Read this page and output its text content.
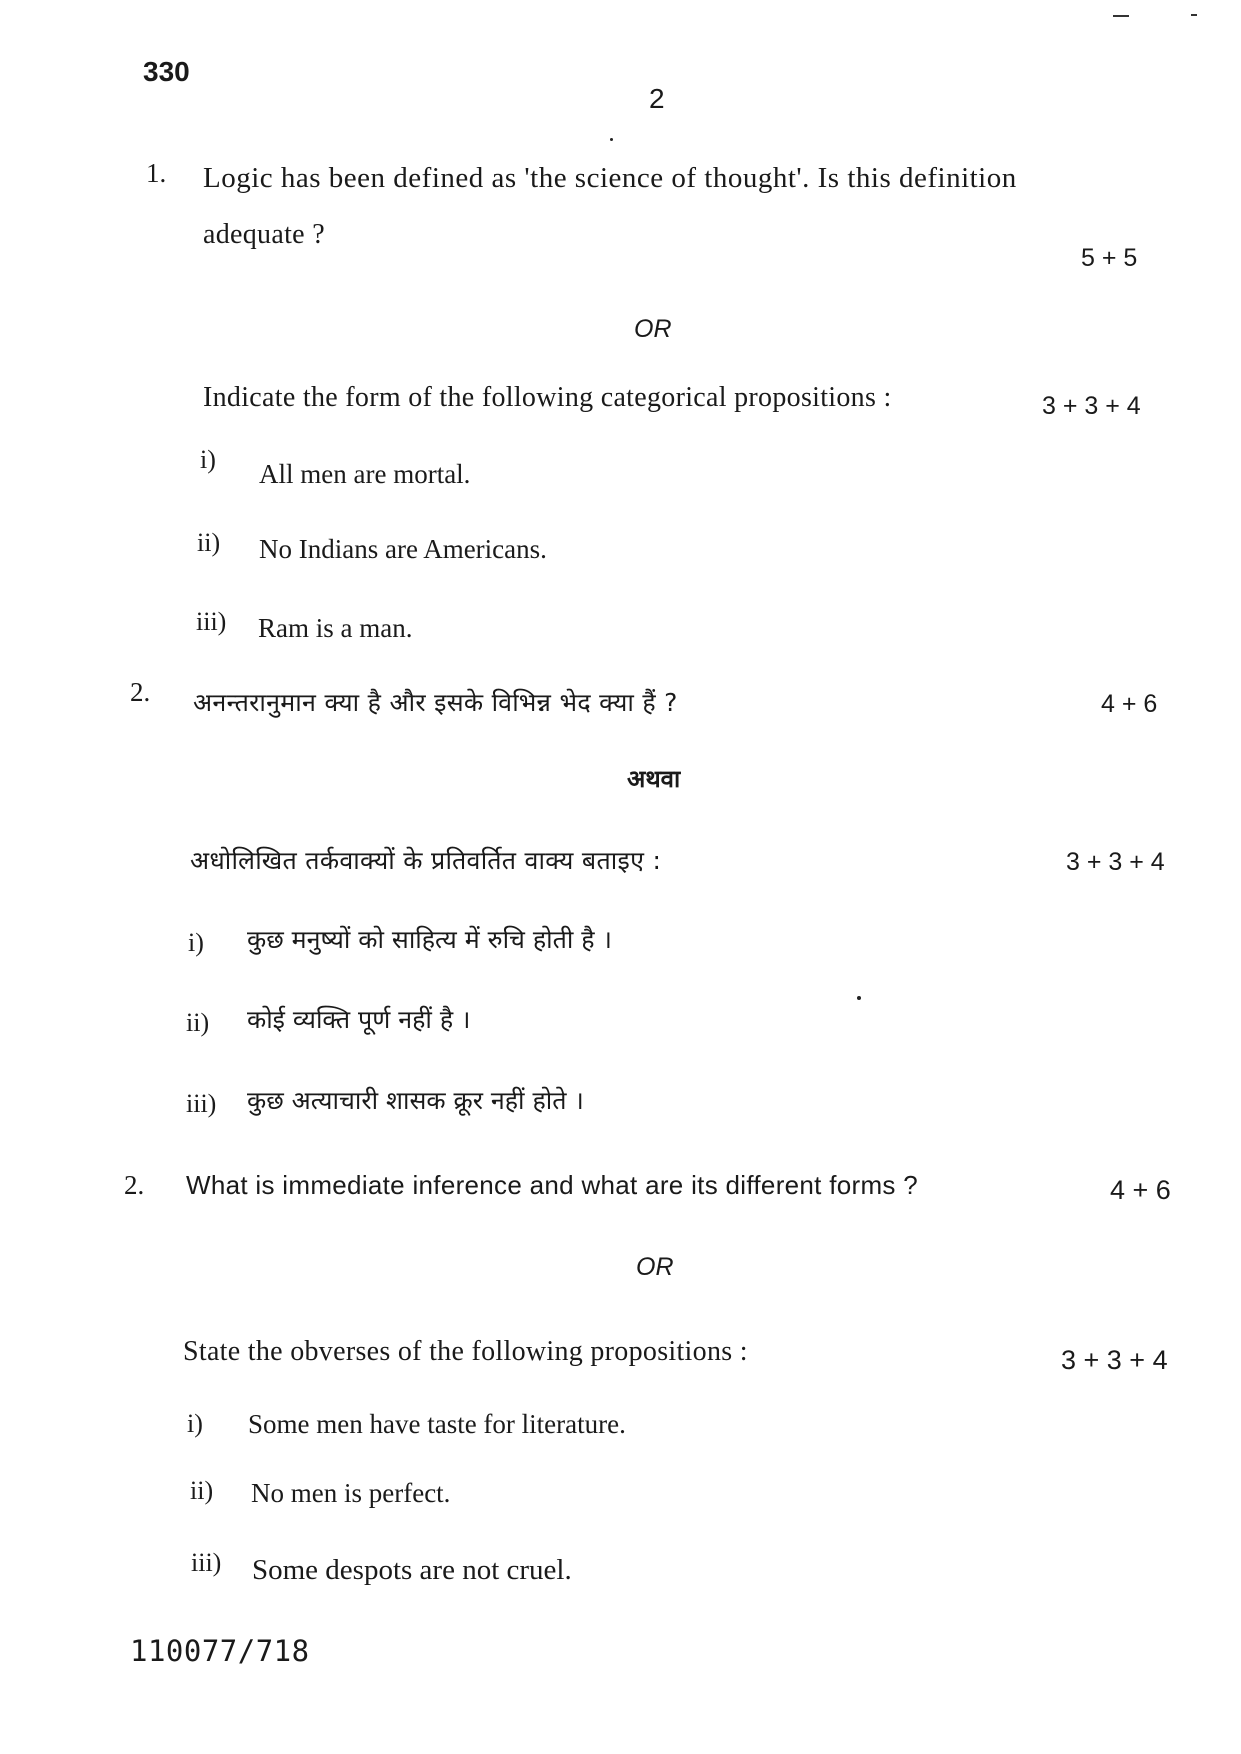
330
2
1. Logic has been defined as 'the science of thought'. Is this definition
adequate ?
5 + 5
OR
Indicate the form of the following categorical propositions :	3 + 3 + 4
i) All men are mortal.
ii) No Indians are Americans.
iii) Ram is a man.
2. अनन्तरानुमान क्या है और इसके विभिन्न भेद क्या हैं ?	4 + 6
अथवा
अधोलिखित तर्कवाक्यों के प्रतिवर्तित वाक्य बताइए :	3 + 3 + 4
i) कुछ मनुष्यों को साहित्य में रुचि होती है ।
ii) कोई व्यक्ति पूर्ण नहीं है ।
iii) कुछ अत्याचारी शासक क्रूर नहीं होते ।
2. What is immediate inference and what are its different forms ?	4 + 6
OR
State the obverses of the following propositions :	3 + 3 + 4
i) Some men have taste for literature.
ii) No men is perfect.
iii) Some despots are not cruel.
110077/718
